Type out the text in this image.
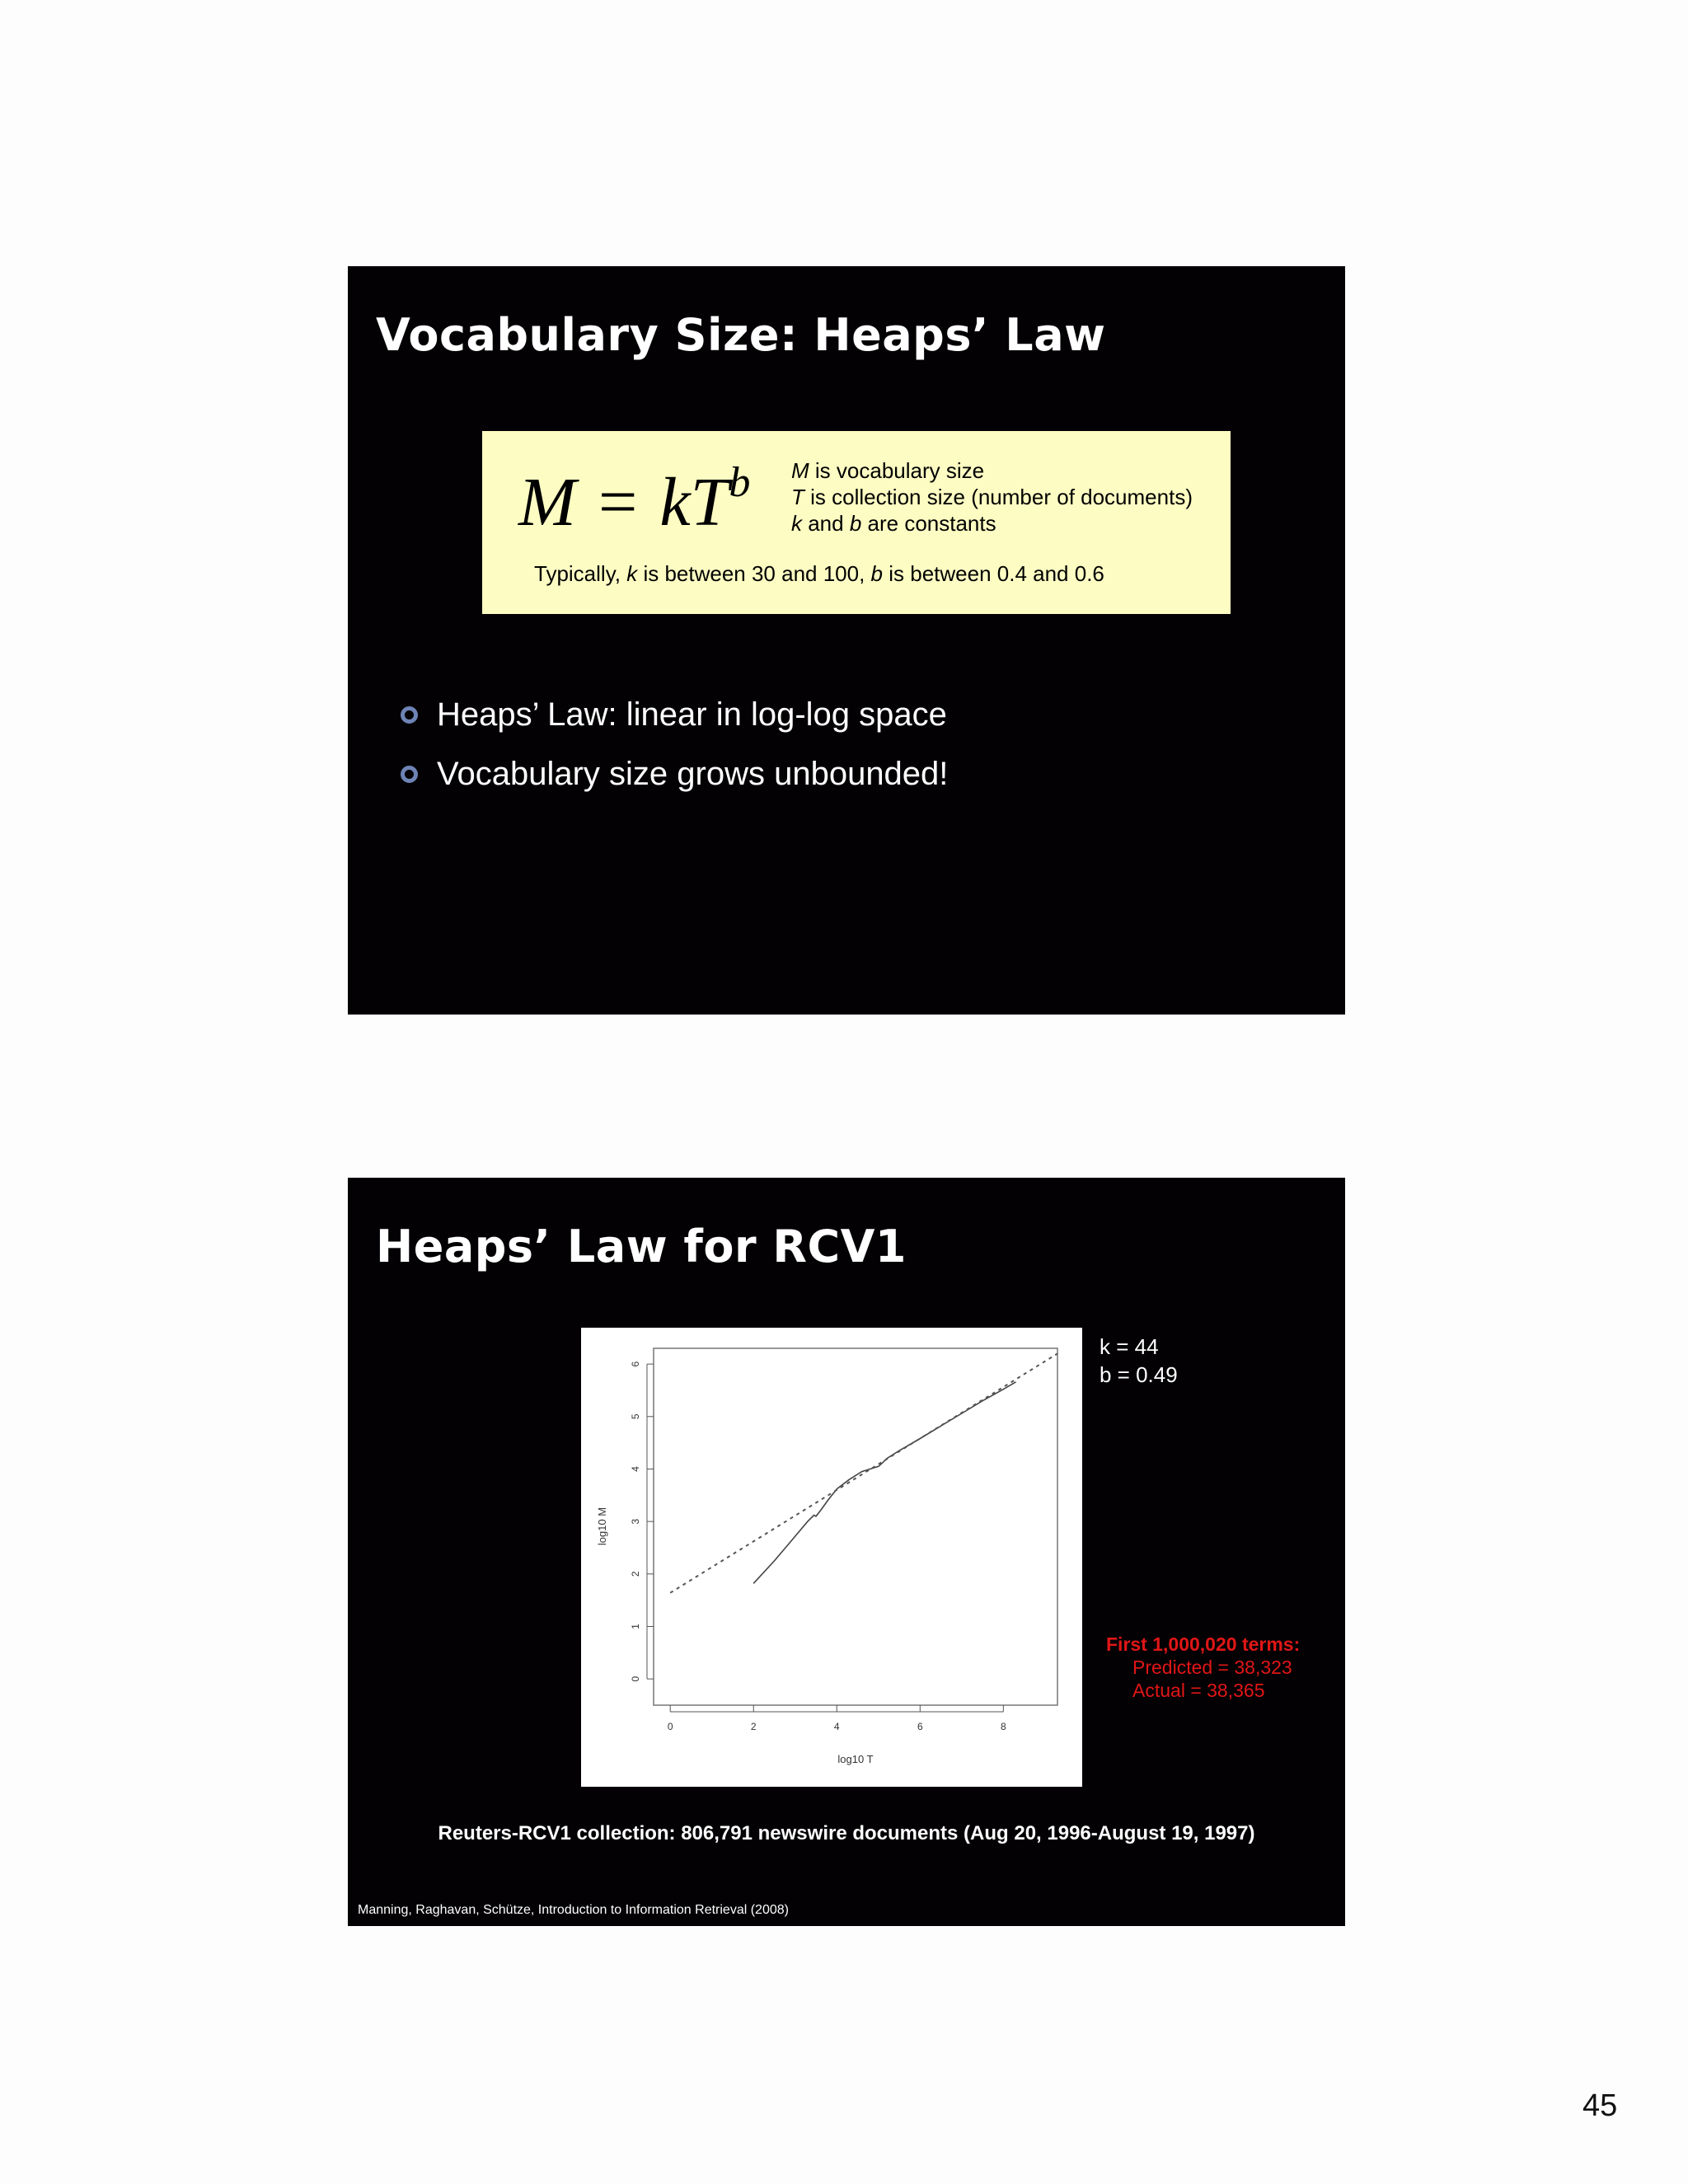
Vocabulary Size: Heaps’ Law
$M = kT^b$ M is vocabulary size
T is collection size (number of documents)
k and b are constants
Typically, k is between 30 and 100, b is between 0.4 and 0.6
Heaps’ Law: linear in log-log space
Vocabulary size grows unbounded!
Heaps’ Law for RCV1
0	2	4	6	8
0
1
2
3
4
5
6
log10 T
log10 M
k = 44
b = 0.49
First 1,000,020 terms:
Predicted = 38,323
Actual = 38,365
Reuters-RCV1 collection: 806,791 newswire documents (Aug 20, 1996-August 19, 1997)
Manning, Raghavan, Schütze, Introduction to Information Retrieval (2008)
45
